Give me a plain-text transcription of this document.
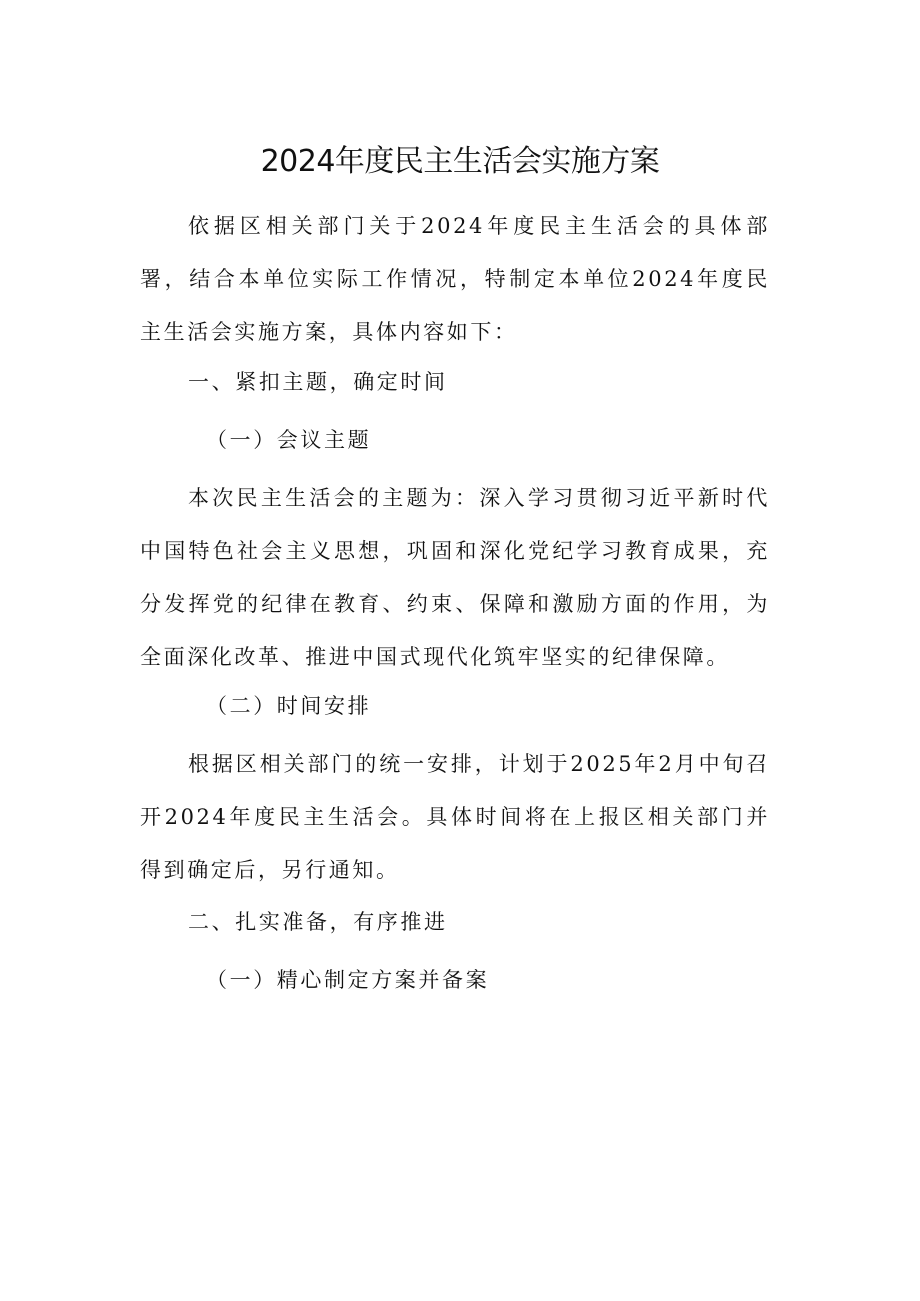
2024年度民主生活会实施方案

依据区相关部门关于2024年度民主生活会的具体部署，结合本单位实际工作情况，特制定本单位2024年度民主生活会实施方案，具体内容如下：

一、紧扣主题，确定时间

（一）会议主题

本次民主生活会的主题为：深入学习贯彻习近平新时代中国特色社会主义思想，巩固和深化党纪学习教育成果，充分发挥党的纪律在教育、约束、保障和激励方面的作用，为全面深化改革、推进中国式现代化筑牢坚实的纪律保障。

（二）时间安排

根据区相关部门的统一安排，计划于2025年2月中旬召开2024年度民主生活会。具体时间将在上报区相关部门并得到确定后，另行通知。

二、扎实准备，有序推进

（一）精心制定方案并备案
